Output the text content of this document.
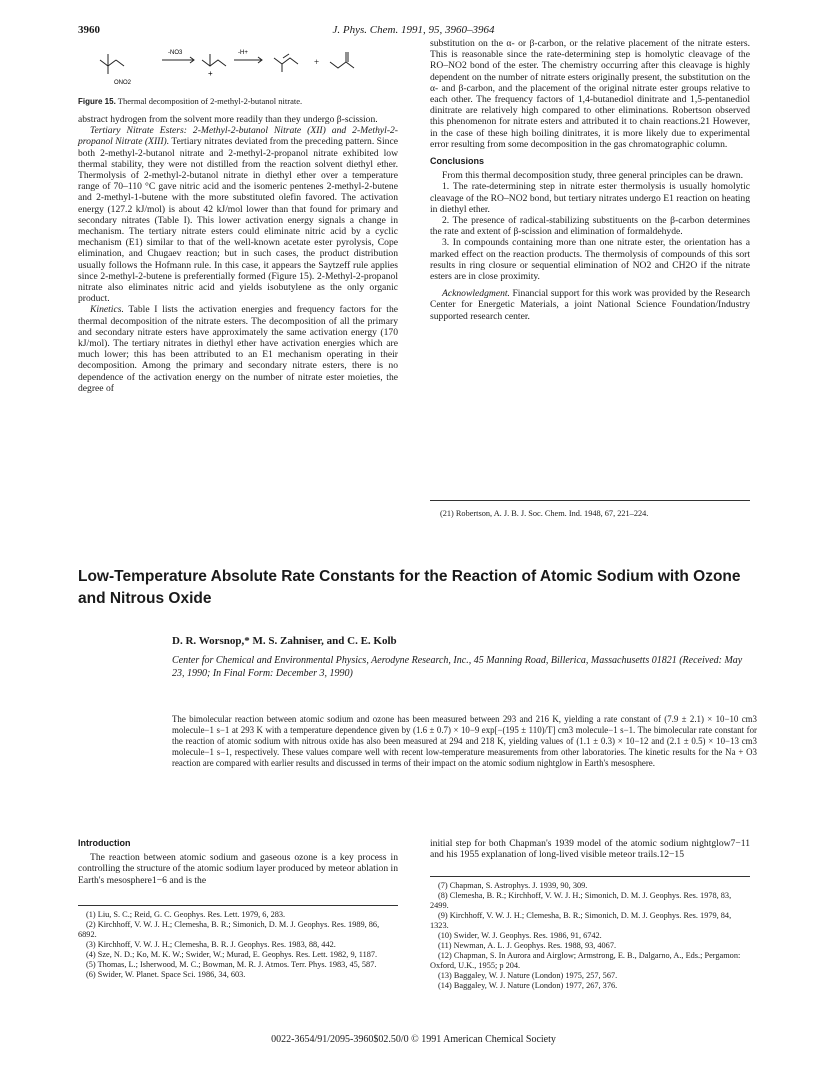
3960	J. Phys. Chem. 1991, 95, 3960–3964
ONO2
-NO3	-H+
+
+
Figure 15. Thermal decomposition of 2-methyl-2-butanol nitrate.

abstract hydrogen from the solvent more readily than they undergo β-scission.

Tertiary Nitrate Esters: 2-Methyl-2-butanol Nitrate (XII) and 2-Methyl-2-propanol Nitrate (XIII). Tertiary nitrates deviated from the preceding pattern. Since both 2-methyl-2-butanol nitrate and 2-methyl-2-propanol nitrate exhibited low thermal stability, they were not distilled from the reaction solvent diethyl ether. Thermolysis of 2-methyl-2-butanol nitrate in diethyl ether over a temperature range of 70–110 °C gave nitric acid and the isomeric pentenes 2-methyl-2-butene and 2-methyl-1-butene with the more substituted olefin favored. The activation energy (127.2 kJ/mol) is about 42 kJ/mol lower than that found for primary and secondary nitrates (Table I). This lower activation energy signals a change in mechanism. The tertiary nitrate esters could eliminate nitric acid by a cyclic mechanism (E1) similar to that of the well-known acetate ester pyrolysis, Cope elimination, and Chugaev reaction; but in such cases, the product distribution usually follows the Hofmann rule. In this case, it appears the Saytzeff rule applies since 2-methyl-2-butene is preferentially formed (Figure 15). 2-Methyl-2-propanol nitrate also eliminates nitric acid and yields isobutylene as the only organic product.

Kinetics. Table I lists the activation energies and frequency factors for the thermal decomposition of the nitrate esters. The decomposition of all the primary and secondary nitrate esters have approximately the same activation energy (170 kJ/mol). The tertiary nitrates in diethyl ether have activation energies which are much lower; this has been attributed to an E1 mechanism operating in their decomposition. Among the primary and secondary nitrate esters, there is no dependence of the activation energy on the number of nitrate ester moieties, the degree of

substitution on the α- or β-carbon, or the relative placement of the nitrate esters. This is reasonable since the rate-determining step is homolytic cleavage of the RO–NO2 bond of the ester. The chemistry occurring after this cleavage is highly dependent on the number of nitrate esters originally present, the substitution on the α- and β-carbon, and the placement of the original nitrate ester groups relative to each other. The frequency factors of 1,4-butanediol dinitrate and 1,5-pentanediol dinitrate are relatively high compared to other eliminations. Robertson observed this phenomenon for nitrate esters and attributed it to chain reactions.21 However, in the case of these high boiling dinitrates, it is more likely due to experimental error resulting from some decomposition in the gas chromatographic column.

Conclusions

From this thermal decomposition study, three general principles can be drawn.

1. The rate-determining step in nitrate ester thermolysis is usually homolytic cleavage of the RO–NO2 bond, but tertiary nitrates undergo E1 reaction on heating in diethyl ether.

2. The presence of radical-stabilizing substituents on the β-carbon determines the rate and extent of β-scission and elimination of formaldehyde.

3. In compounds containing more than one nitrate ester, the orientation has a marked effect on the reaction products. The thermolysis of compounds of this sort results in ring closure or sequential elimination of NO2 and CH2O if the nitrate esters are in close proximity.

Acknowledgment. Financial support for this work was provided by the Research Center for Energetic Materials, a joint National Science Foundation/Industry supported research center.

(21) Robertson, A. J. B. J. Soc. Chem. Ind. 1948, 67, 221–224.
Low-Temperature Absolute Rate Constants for the Reaction of Atomic Sodium with Ozone and Nitrous Oxide
D. R. Worsnop,* M. S. Zahniser, and C. E. Kolb
Center for Chemical and Environmental Physics, Aerodyne Research, Inc., 45 Manning Road, Billerica, Massachusetts 01821 (Received: May 23, 1990; In Final Form: December 3, 1990)
The bimolecular reaction between atomic sodium and ozone has been measured between 293 and 216 K, yielding a rate constant of (7.9 ± 2.1) × 10−10 cm3 molecule−1 s−1 at 293 K with a temperature dependence given by (1.6 ± 0.7) × 10−9 exp[−(195 ± 110)/T] cm3 molecule−1 s−1. The bimolecular rate constant for the reaction of atomic sodium with nitrous oxide has also been measured at 294 and 218 K, yielding values of (1.1 ± 0.3) × 10−12 and (2.1 ± 0.5) × 10−13 cm3 molecule−1 s−1, respectively. These values compare well with recent low-temperature measurements from other laboratories. The kinetic results for the Na + O3 reaction are compared with earlier results and discussed in terms of their impact on the atomic sodium nightglow in Earth's mesosphere.
Introduction

The reaction between atomic sodium and gaseous ozone is a key process in controlling the structure of the atomic sodium layer produced by meteor ablation in Earth's mesosphere1−6 and is the

initial step for both Chapman's 1939 model of the atomic sodium nightglow7−11 and his 1955 explanation of long-lived visible meteor trails.12−15

(1) Liu, S. C.; Reid, G. C. Geophys. Res. Lett. 1979, 6, 283.

(2) Kirchhoff, V. W. J. H.; Clemesha, B. R.; Simonich, D. M. J. Geophys. Res. 1989, 86, 6892.

(3) Kirchhoff, V. W. J. H.; Clemesha, B. R. J. Geophys. Res. 1983, 88, 442.

(4) Sze, N. D.; Ko, M. K. W.; Swider, W.; Murad, E. Geophys. Res. Lett. 1982, 9, 1187.

(5) Thomas, L.; Isherwood, M. C.; Bowman, M. R. J. Atmos. Terr. Phys. 1983, 45, 587.

(6) Swider, W. Planet. Space Sci. 1986, 34, 603.

(7) Chapman, S. Astrophys. J. 1939, 90, 309.

(8) Clemesha, B. R.; Kirchhoff, V. W. J. H.; Simonich, D. M. J. Geophys. Res. 1978, 83, 2499.

(9) Kirchhoff, V. W. J. H.; Clemesha, B. R.; Simonich, D. M. J. Geophys. Res. 1979, 84, 1323.

(10) Swider, W. J. Geophys. Res. 1986, 91, 6742.

(11) Newman, A. L. J. Geophys. Res. 1988, 93, 4067.

(12) Chapman, S. In Aurora and Airglow; Armstrong, E. B., Dalgarno, A., Eds.; Pergamon: Oxford, U.K., 1955; p 204.

(13) Baggaley, W. J. Nature (London) 1975, 257, 567.

(14) Baggaley, W. J. Nature (London) 1977, 267, 376.

0022-3654/91/2095-3960$02.50/0 © 1991 American Chemical Society
